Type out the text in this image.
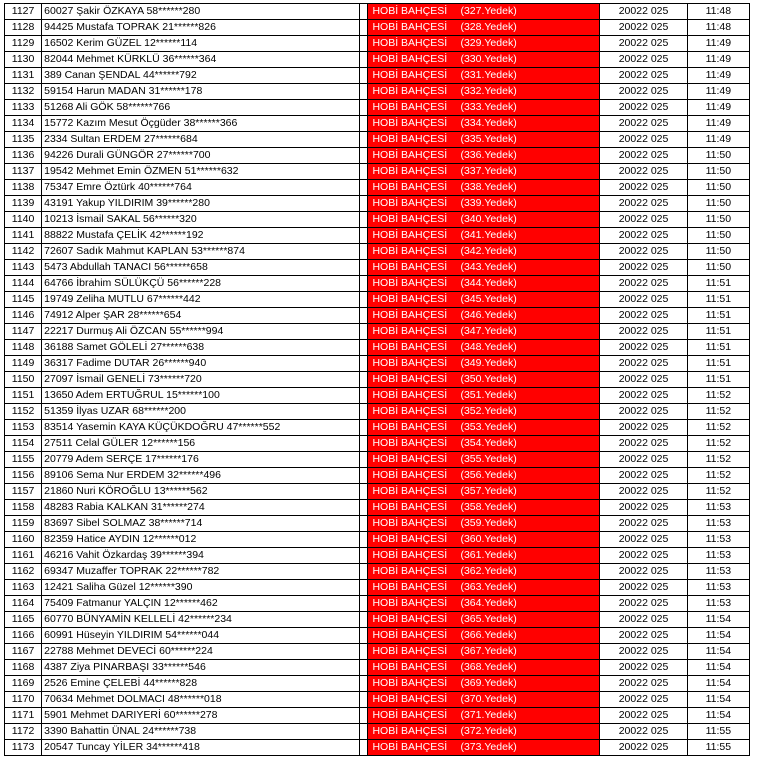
1127	60027 Şakir ÖZKAYA 58******280		HOBİ BAHÇESİ (327.Yedek)	20022 025	11:48
1128	94425 Mustafa TOPRAK 21******826		HOBİ BAHÇESİ (328.Yedek)	20022 025	11:48
1129	16502 Kerim GÜZEL 12******114		HOBİ BAHÇESİ (329.Yedek)	20022 025	11:49
1130	82044 Mehmet KÜRKLÜ 36******364		HOBİ BAHÇESİ (330.Yedek)	20022 025	11:49
1131	389 Canan ŞENDAL 44******792		HOBİ BAHÇESİ (331.Yedek)	20022 025	11:49
1132	59154 Harun MADAN 31******178		HOBİ BAHÇESİ (332.Yedek)	20022 025	11:49
1133	51268 Ali GÖK 58******766		HOBİ BAHÇESİ (333.Yedek)	20022 025	11:49
1134	15772 Kazım Mesut Öçgüder 38******366		HOBİ BAHÇESİ (334.Yedek)	20022 025	11:49
1135	2334 Sultan ERDEM 27******684		HOBİ BAHÇESİ (335.Yedek)	20022 025	11:49
1136	94226 Durali GÜNGÖR 27******700		HOBİ BAHÇESİ (336.Yedek)	20022 025	11:50
1137	19542 Mehmet Emin ÖZMEN 51******632		HOBİ BAHÇESİ (337.Yedek)	20022 025	11:50
1138	75347 Emre Öztürk 40******764		HOBİ BAHÇESİ (338.Yedek)	20022 025	11:50
1139	43191 Yakup YILDIRIM 39******280		HOBİ BAHÇESİ (339.Yedek)	20022 025	11:50
1140	10213 İsmail SAKAL 56******320		HOBİ BAHÇESİ (340.Yedek)	20022 025	11:50
1141	88822 Mustafa ÇELİK 42******192		HOBİ BAHÇESİ (341.Yedek)	20022 025	11:50
1142	72607 Sadık Mahmut KAPLAN 53******874		HOBİ BAHÇESİ (342.Yedek)	20022 025	11:50
1143	5473 Abdullah TANACI 56******658		HOBİ BAHÇESİ (343.Yedek)	20022 025	11:50
1144	64766 İbrahim SÜLÜKÇÜ 56******228		HOBİ BAHÇESİ (344.Yedek)	20022 025	11:51
1145	19749 Zeliha MUTLU 67******442		HOBİ BAHÇESİ (345.Yedek)	20022 025	11:51
1146	74912 Alper ŞAR 28******654		HOBİ BAHÇESİ (346.Yedek)	20022 025	11:51
1147	22217 Durmuş Ali ÖZCAN 55******994		HOBİ BAHÇESİ (347.Yedek)	20022 025	11:51
1148	36188 Samet GÖLELİ 27******638		HOBİ BAHÇESİ (348.Yedek)	20022 025	11:51
1149	36317 Fadime DUTAR 26******940		HOBİ BAHÇESİ (349.Yedek)	20022 025	11:51
1150	27097 İsmail GENELİ 73******720		HOBİ BAHÇESİ (350.Yedek)	20022 025	11:51
1151	13650 Adem ERTUĞRUL 15******100		HOBİ BAHÇESİ (351.Yedek)	20022 025	11:52
1152	51359 İlyas UZAR 68******200		HOBİ BAHÇESİ (352.Yedek)	20022 025	11:52
1153	83514 Yasemin KAYA KÜÇÜKDOĞRU 47******552		HOBİ BAHÇESİ (353.Yedek)	20022 025	11:52
1154	27511 Celal GÜLER 12******156		HOBİ BAHÇESİ (354.Yedek)	20022 025	11:52
1155	20779 Adem SERÇE 17******176		HOBİ BAHÇESİ (355.Yedek)	20022 025	11:52
1156	89106 Sema Nur ERDEM 32******496		HOBİ BAHÇESİ (356.Yedek)	20022 025	11:52
1157	21860 Nuri KÖROĞLU 13******562		HOBİ BAHÇESİ (357.Yedek)	20022 025	11:52
1158	48283 Rabia KALKAN 31******274		HOBİ BAHÇESİ (358.Yedek)	20022 025	11:53
1159	83697 Sibel SOLMAZ 38******714		HOBİ BAHÇESİ (359.Yedek)	20022 025	11:53
1160	82359 Hatice AYDIN 12******012		HOBİ BAHÇESİ (360.Yedek)	20022 025	11:53
1161	46216 Vahit Özkardaş 39******394		HOBİ BAHÇESİ (361.Yedek)	20022 025	11:53
1162	69347 Muzaffer TOPRAK 22******782		HOBİ BAHÇESİ (362.Yedek)	20022 025	11:53
1163	12421 Saliha Güzel 12******390		HOBİ BAHÇESİ (363.Yedek)	20022 025	11:53
1164	75409 Fatmanur YALÇIN 12******462		HOBİ BAHÇESİ (364.Yedek)	20022 025	11:53
1165	60770 BÜNYAMİN KELLELİ 42******234		HOBİ BAHÇESİ (365.Yedek)	20022 025	11:54
1166	60991 Hüseyin YILDIRIM 54******044		HOBİ BAHÇESİ (366.Yedek)	20022 025	11:54
1167	22788 Mehmet DEVECİ 60******224		HOBİ BAHÇESİ (367.Yedek)	20022 025	11:54
1168	4387 Ziya PINARBAŞI 33******546		HOBİ BAHÇESİ (368.Yedek)	20022 025	11:54
1169	2526 Emine ÇELEBİ 44******828		HOBİ BAHÇESİ (369.Yedek)	20022 025	11:54
1170	70634 Mehmet DOLMACI 48******018		HOBİ BAHÇESİ (370.Yedek)	20022 025	11:54
1171	5901 Mehmet DARIYERİ 60******278		HOBİ BAHÇESİ (371.Yedek)	20022 025	11:54
1172	3390 Bahattin ÜNAL 24******738		HOBİ BAHÇESİ (372.Yedek)	20022 025	11:55
1173	20547 Tuncay YİLER 34******418		HOBİ BAHÇESİ (373.Yedek)	20022 025	11:55
